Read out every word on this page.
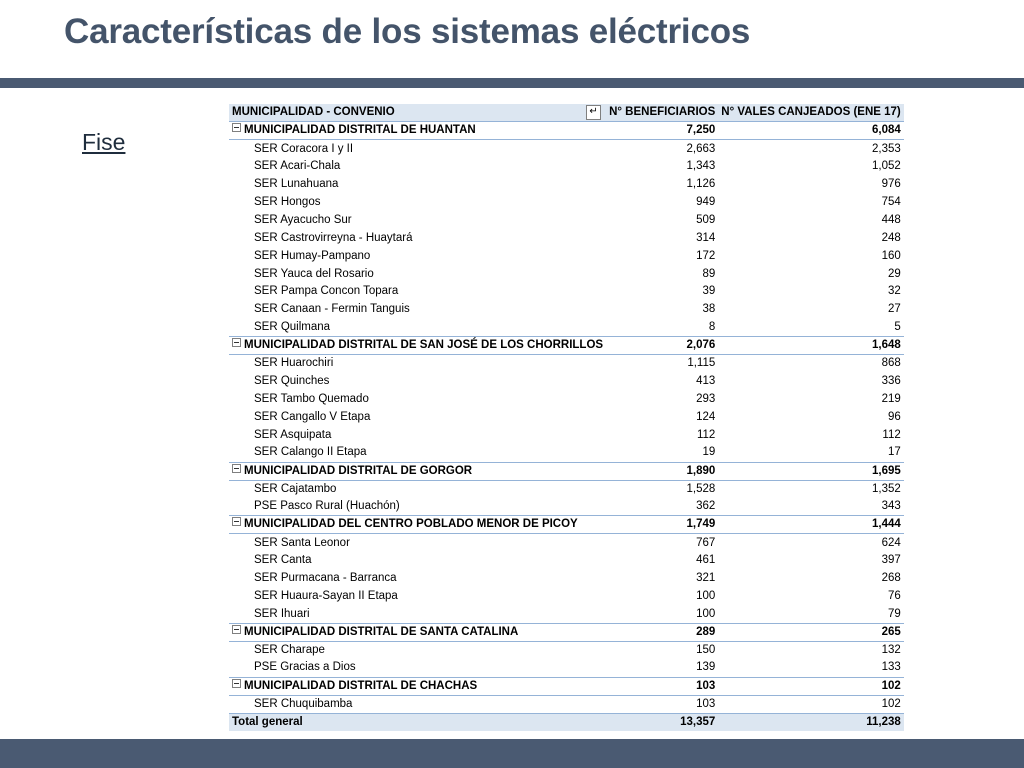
Características de los sistemas eléctricos
Fise
MUNICIPALIDAD - CONVENIO ↵	N° BENEFICIARIOS	N° VALES CANJEADOS (ENE 17)
MUNICIPALIDAD DISTRITAL DE HUANTAN	7,250	6,084
SER Coracora I y II	2,663	2,353
SER Acari-Chala	1,343	1,052
SER Lunahuana	1,126	976
SER Hongos	949	754
SER Ayacucho Sur	509	448
SER Castrovirreyna - Huaytará	314	248
SER Humay-Pampano	172	160
SER Yauca del Rosario	89	29
SER Pampa Concon Topara	39	32
SER Canaan - Fermin Tanguis	38	27
SER Quilmana	8	5
MUNICIPALIDAD DISTRITAL DE SAN JOSÉ DE LOS CHORRILLOS	2,076	1,648
SER Huarochiri	1,115	868
SER Quinches	413	336
SER Tambo Quemado	293	219
SER Cangallo V Etapa	124	96
SER Asquipata	112	112
SER Calango II Etapa	19	17
MUNICIPALIDAD DISTRITAL DE GORGOR	1,890	1,695
SER Cajatambo	1,528	1,352
PSE Pasco Rural (Huachón)	362	343
MUNICIPALIDAD DEL CENTRO POBLADO MENOR DE PICOY	1,749	1,444
SER Santa Leonor	767	624
SER Canta	461	397
SER Purmacana - Barranca	321	268
SER Huaura-Sayan II Etapa	100	76
SER Ihuari	100	79
MUNICIPALIDAD DISTRITAL DE SANTA CATALINA	289	265
SER Charape	150	132
PSE Gracias a Dios	139	133
MUNICIPALIDAD DISTRITAL DE CHACHAS	103	102
SER Chuquibamba	103	102
Total general	13,357	11,238
